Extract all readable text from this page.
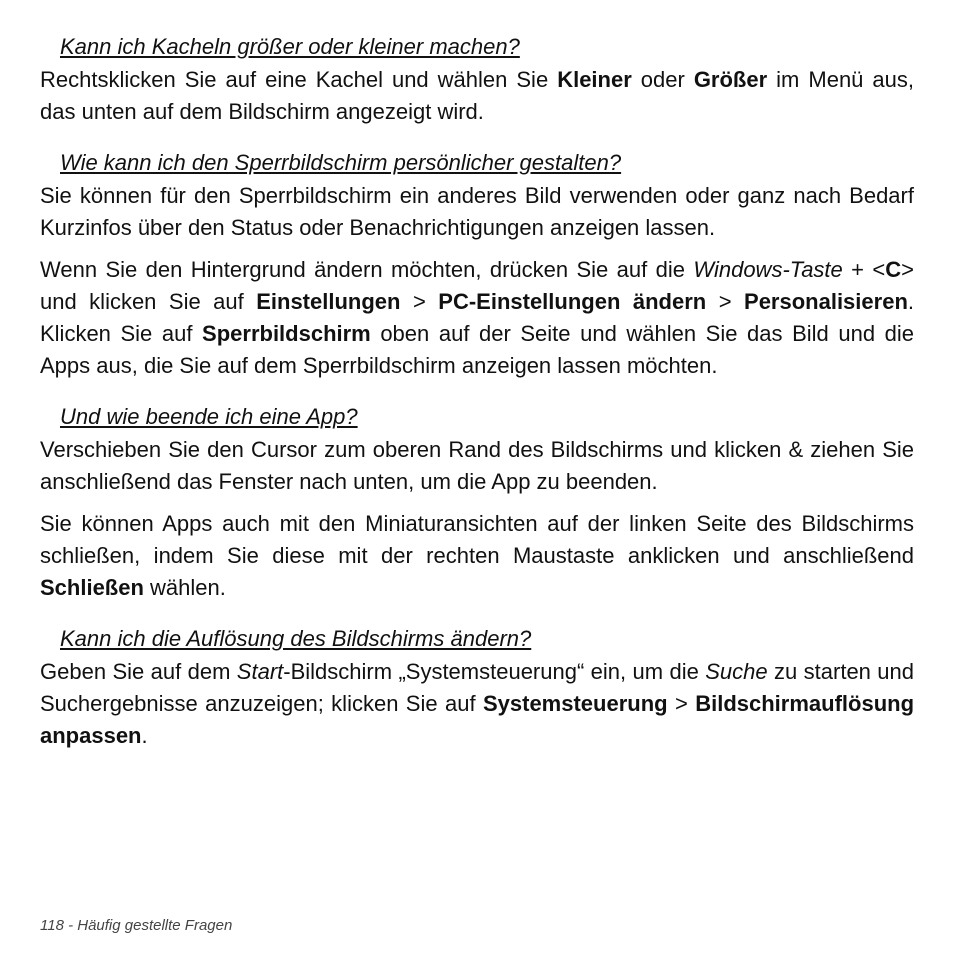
Kann ich Kacheln größer oder kleiner machen?

Rechtsklicken Sie auf eine Kachel und wählen Sie Kleiner oder Größer im Menü aus, das unten auf dem Bildschirm angezeigt wird.

Wie kann ich den Sperrbildschirm persönlicher gestalten?

Sie können für den Sperrbildschirm ein anderes Bild verwenden oder ganz nach Bedarf Kurzinfos über den Status oder Benachrichtigungen anzeigen lassen.

Wenn Sie den Hintergrund ändern möchten, drücken Sie auf die Windows-Taste + <C> und klicken Sie auf Einstellungen > PC-Einstellungen ändern > Personalisieren. Klicken Sie auf Sperrbildschirm oben auf der Seite und wählen Sie das Bild und die Apps aus, die Sie auf dem Sperrbildschirm anzeigen lassen möchten.

Und wie beende ich eine App?

Verschieben Sie den Cursor zum oberen Rand des Bildschirms und klicken & ziehen Sie anschließend das Fenster nach unten, um die App zu beenden.

Sie können Apps auch mit den Miniaturansichten auf der linken Seite des Bildschirms schließen, indem Sie diese mit der rechten Maustaste anklicken und anschließend Schließen wählen.

Kann ich die Auflösung des Bildschirms ändern?

Geben Sie auf dem Start-Bildschirm „Systemsteuerung“ ein, um die Suche zu starten und Suchergebnisse anzuzeigen; klicken Sie auf Systemsteuerung > Bildschirmauflösung anpassen.

118 - Häufig gestellte Fragen
